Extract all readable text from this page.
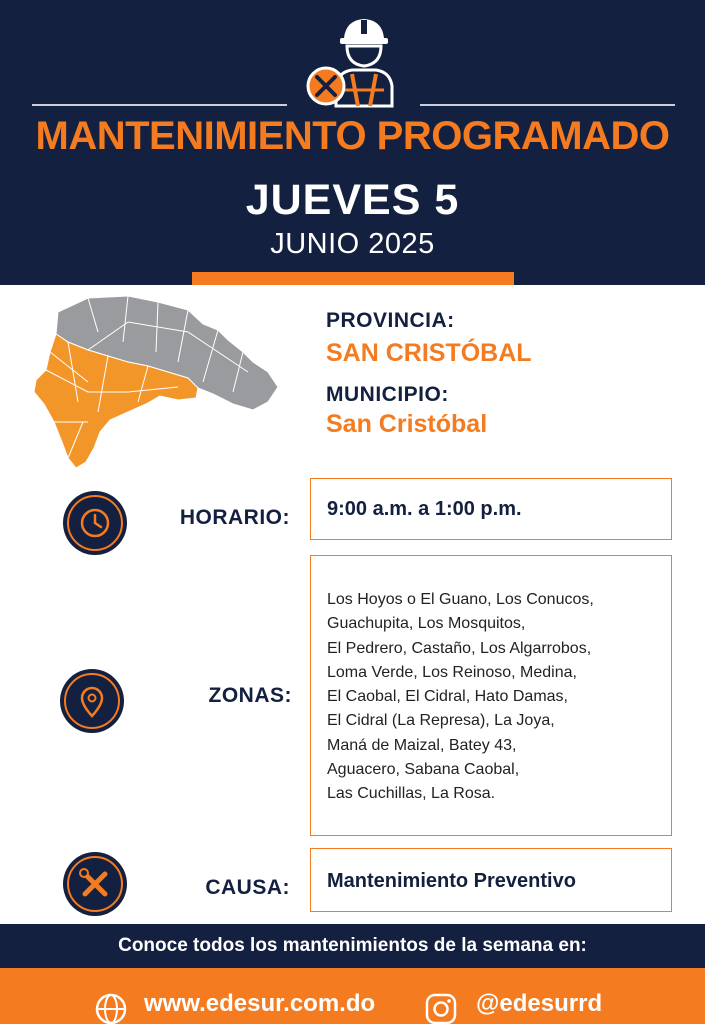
MANTENIMIENTO PROGRAMADO
JUEVES 5
JUNIO 2025
PROVINCIA:
SAN CRISTÓBAL
MUNICIPIO:
San Cristóbal
HORARIO: 9:00 a.m. a 1:00 p.m.
ZONAS:
Los Hoyos o El Guano, Los Conucos,
Guachupita, Los Mosquitos,
El Pedrero, Castaño, Los Algarrobos,
Loma Verde, Los Reinoso, Medina,
El Caobal, El Cidral, Hato Damas,
El Cidral (La Represa), La Joya,
Maná de Maizal, Batey 43,
Aguacero, Sabana Caobal,
Las Cuchillas, La Rosa.
CAUSA: Mantenimiento Preventivo
Conoce todos los mantenimientos de la semana en:
www.edesur.com.do	@edesurrd
